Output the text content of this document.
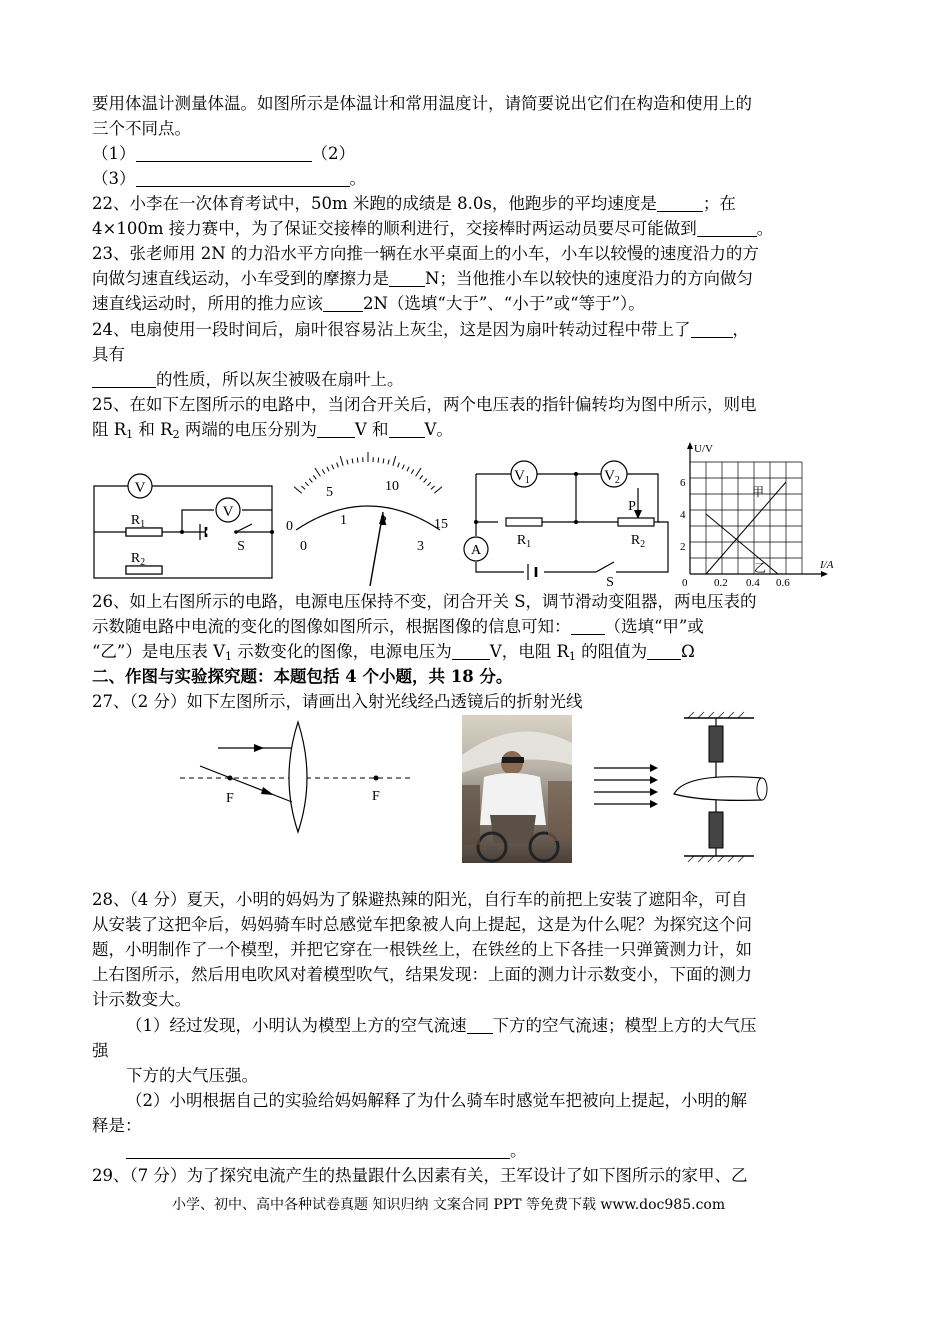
要用体温计测量体温。如图所示是体温计和常用温度计，请简要说出它们在构造和使用上的
三个不同点。
（1）	（2）
（3）	。
22、小李在一次体育考试中，50m 米跑的成绩是 8.0s，他跑步的平均速度是	；在
4×100m 接力赛中，为了保证交接棒的顺利进行，交接棒时两运动员要尽可能做到	。
23、张老师用 2N 的力沿水平方向推一辆在水平桌面上的小车，小车以较慢的速度沿力的方
向做匀速直线运动，小车受到的摩擦力是 N；当他推小车以较快的速度沿力的方向做匀
速直线运动时，所用的推力应该 2N（选填“大于”、“小于”或“等于”）。
24、电扇使用一段时间后，扇叶很容易沾上灰尘，这是因为扇叶转动过程中带上了	，
具有
的性质，所以灰尘被吸在扇叶上。
25、在如下左图所示的电路中，当闭合开关后，两个电压表的指针偏转均为图中所示，则电
阻 $R_1$ 和 $R_2$ 两端的电压分别为 V 和 V。
V
V
$R_1$
$R_2$
S
0
5	10
15
0
1 2
3
$V_1$	$V_2$
A
$R_1$	$R_2$
P
S
U/V
I/A
2
4
6
0 0.2 0.4 0.6
甲
乙
26、如上右图所示的电路，电源电压保持不变，闭合开关 S，调节滑动变阻器，两电压表的
示数随电路中电流的变化的图像如图所示，根据图像的信息可知： （选填“甲”或
“乙”）是电压表 $V_1$ 示数变化的图像，电源电压为 V，电阻 $R_1$ 的阻值为 Ω
二、作图与实验探究题：本题包括 4 个小题，共 18 分。
27、（2 分）如下左图所示，请画出入射光线经凸透镜后的折射光线
F	F
28、（4 分）夏天，小明的妈妈为了躲避热辣的阳光，自行车的前把上安装了遮阳伞，可自
从安装了这把伞后，妈妈骑车时总感觉车把象被人向上提起，这是为什么呢？为探究这个问
题，小明制作了一个模型，并把它穿在一根铁丝上，在铁丝的上下各挂一只弹簧测力计，如
上右图所示，然后用电吹风对着模型吹气，结果发现：上面的测力计示数变小，下面的测力
计示数变大。
（1）经过发现，小明认为模型上方的空气流速 下方的空气流速；模型上方的大气压
强
下方的大气压强。
（2）小明根据自己的实验给妈妈解释了为什么骑车时感觉车把被向上提起，小明的解
释是：
。
29、（7 分）为了探究电流产生的热量跟什么因素有关，王军设计了如下图所示的家甲、乙
小学、初中、高中各种试卷真题 知识归纳 文案合同 PPT 等免费下载 www.doc985.com
